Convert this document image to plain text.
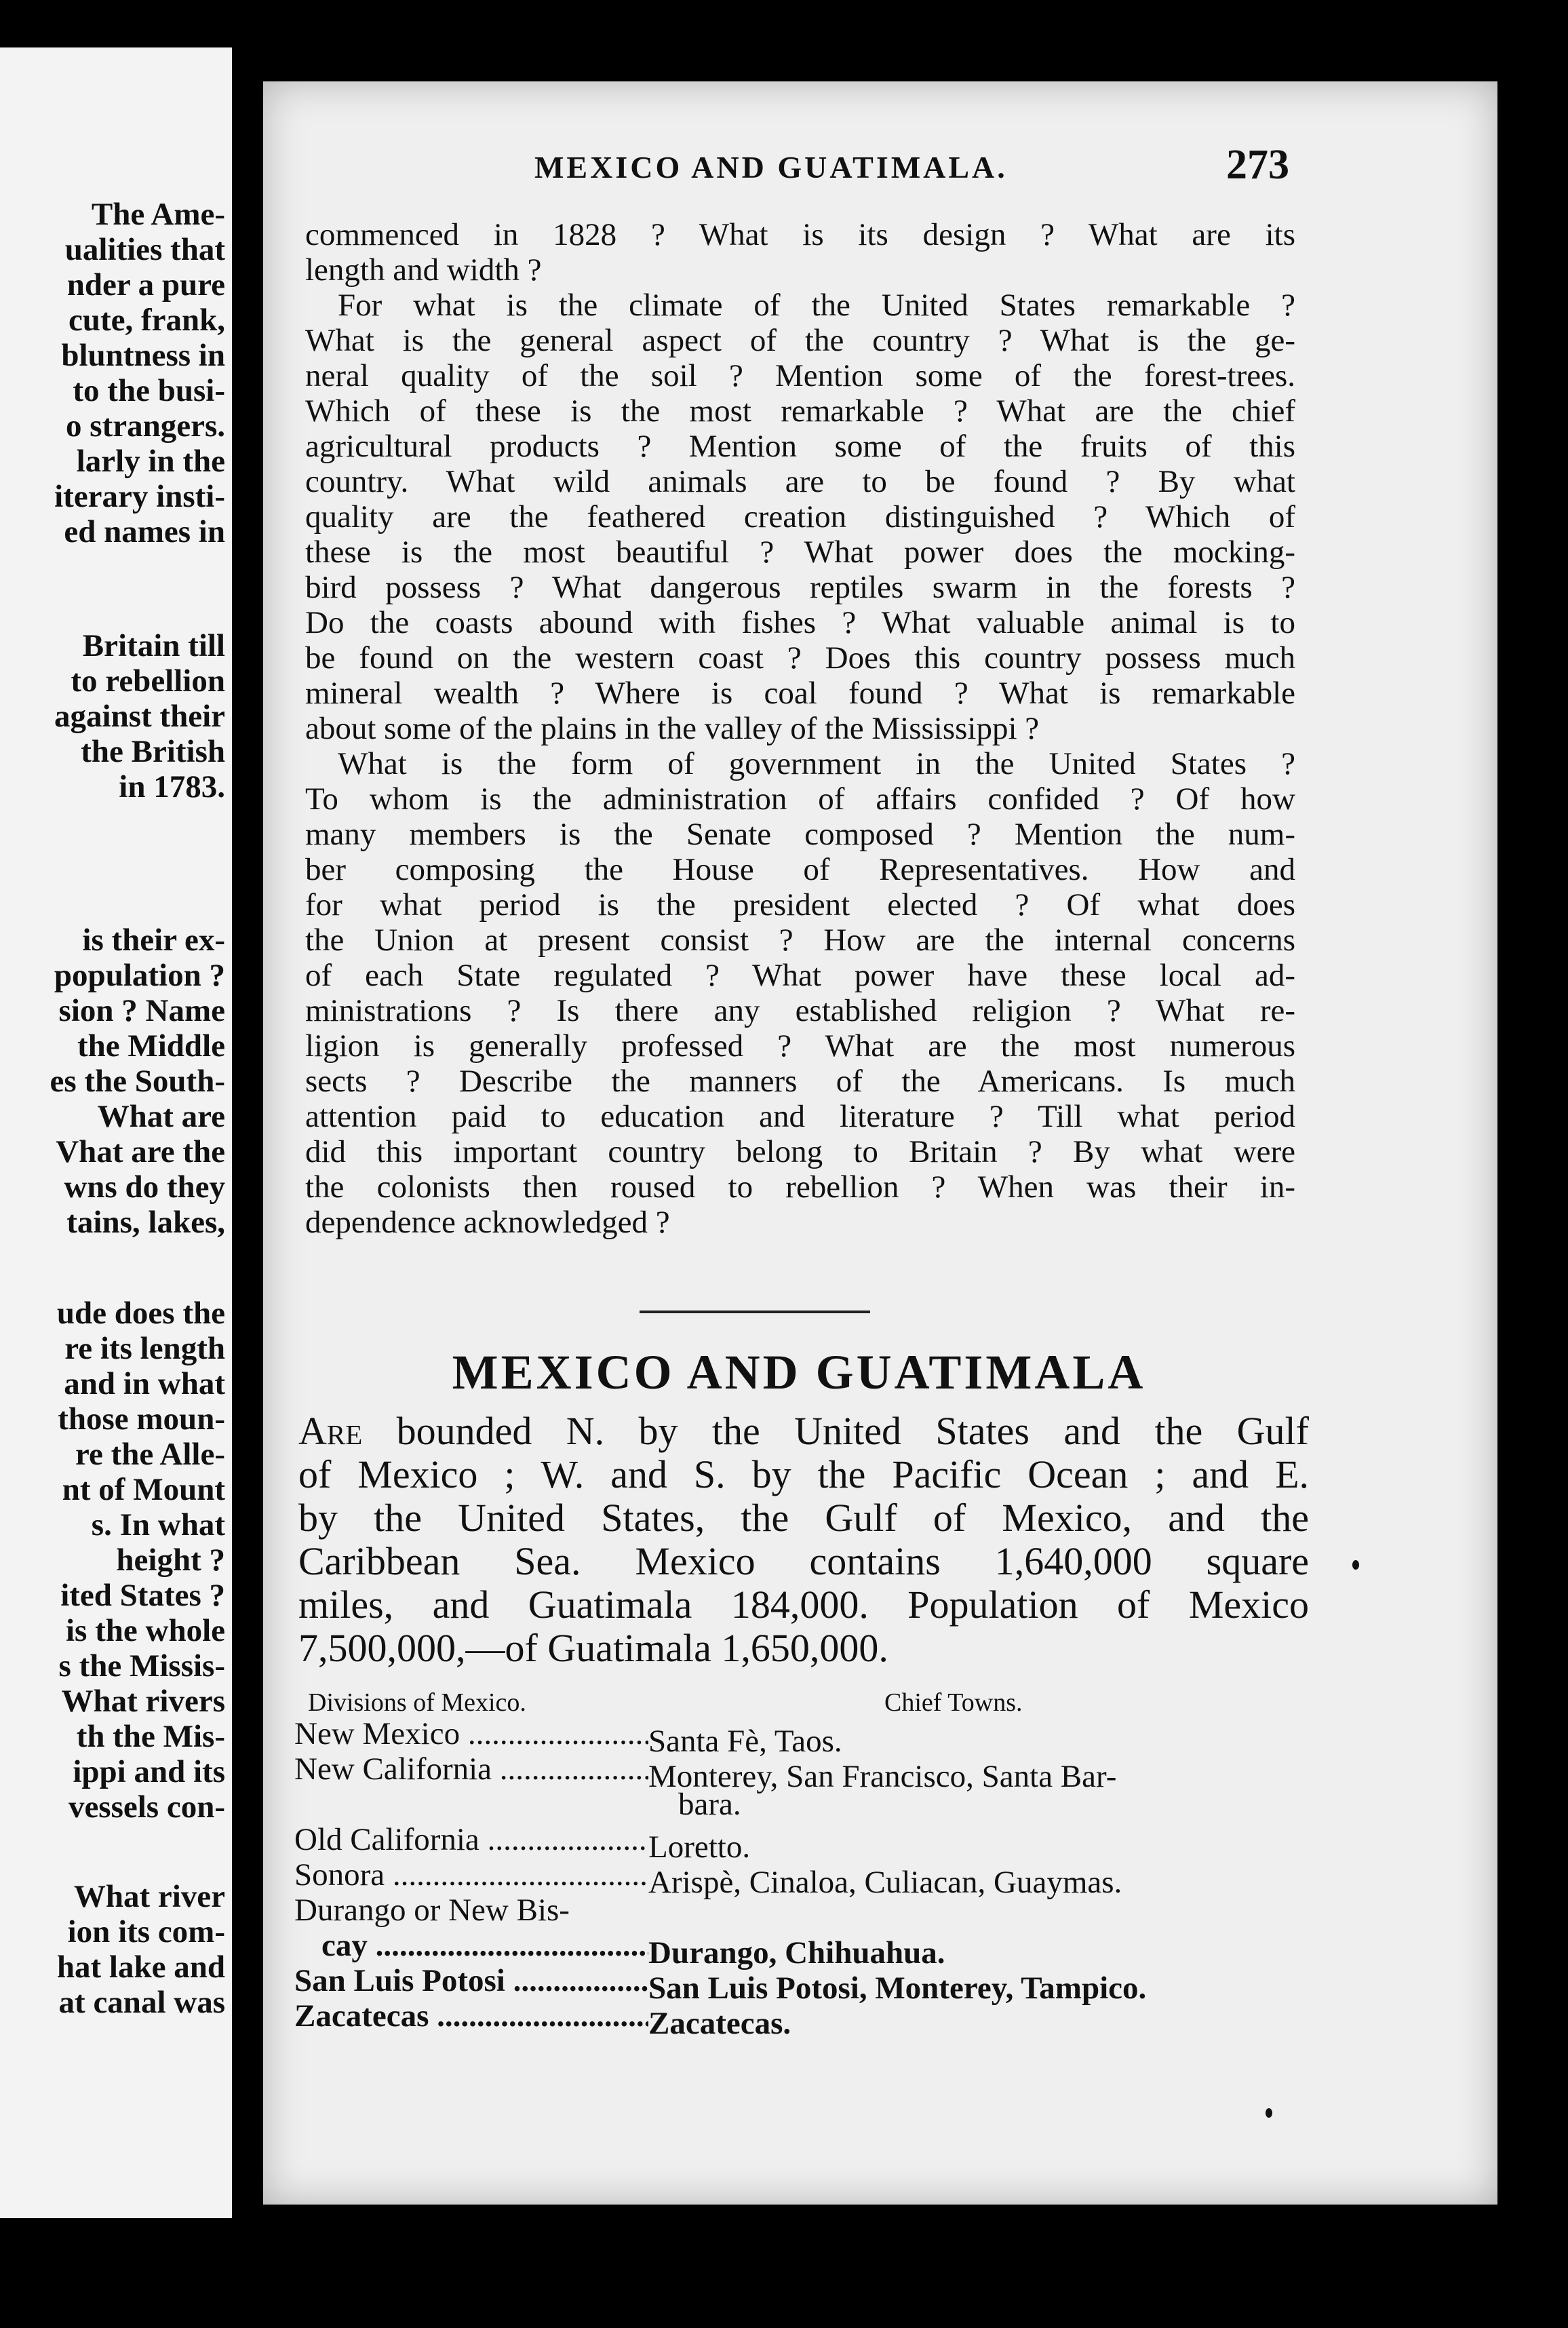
The Ame-
ualities that
nder a pure
cute, frank,
bluntness in
to the busi-
o strangers.
larly in the
iterary insti-
ed names in
Britain till
to rebellion
against their
the British
in 1783.
is their ex-
population ?
sion ? Name
the Middle
es the South-
What are
Vhat are the
wns do they
tains, lakes,
ude does the
re its length
and in what
those moun-
re the Alle-
nt of Mount
s. In what
height ?
ited States ?
is the whole
s the Missis-
What rivers
th the Mis-
ippi and its
vessels con-
What river
ion its com-
hat lake and
at canal was
MEXICO AND GUATIMALA.	273
commenced in 1828 ? What is its design ? What are its
length and width ?
For what is the climate of the United States remarkable ?
What is the general aspect of the country ? What is the ge-
neral quality of the soil ? Mention some of the forest-trees.
Which of these is the most remarkable ? What are the chief
agricultural products ? Mention some of the fruits of this
country. What wild animals are to be found ? By what
quality are the feathered creation distinguished ? Which of
these is the most beautiful ? What power does the mocking-
bird possess ? What dangerous reptiles swarm in the forests ?
Do the coasts abound with fishes ? What valuable animal is to
be found on the western coast ? Does this country possess much
mineral wealth ? Where is coal found ? What is remarkable
about some of the plains in the valley of the Mississippi ?
What is the form of government in the United States ?
To whom is the administration of affairs confided ? Of how
many members is the Senate composed ? Mention the num-
ber composing the House of Representatives. How and
for what period is the president elected ? Of what does
the Union at present consist ? How are the internal concerns
of each State regulated ? What power have these local ad-
ministrations ? Is there any established religion ? What re-
ligion is generally professed ? What are the most numerous
sects ? Describe the manners of the Americans. Is much
attention paid to education and literature ? Till what period
did this important country belong to Britain ? By what were
the colonists then roused to rebellion ? When was their in-
dependence acknowledged ?
MEXICO AND GUATIMALA
Are bounded N. by the United States and the Gulf
of Mexico ; W. and S. by the Pacific Ocean ; and E.
by the United States, the Gulf of Mexico, and the
Caribbean Sea. Mexico contains 1,640,000 square
miles, and Guatimala 184,000. Population of Mexico
7,500,000,—of Guatimala 1,650,000.
Divisions of Mexico.	Chief Towns.
New Mexico .....	Santa Fè, Taos.
New California .....	Monterey, San Francisco, Santa Bar-
bara.
Old California .....	Loretto.
Sonora .....	Arispè, Cinaloa, Culiacan, Guaymas.
Durango or New Bis-
cay .....	Durango, Chihuahua.
San Luis Potosi .....	San Luis Potosi, Monterey, Tampico.
Zacatecas .....	Zacatecas.
